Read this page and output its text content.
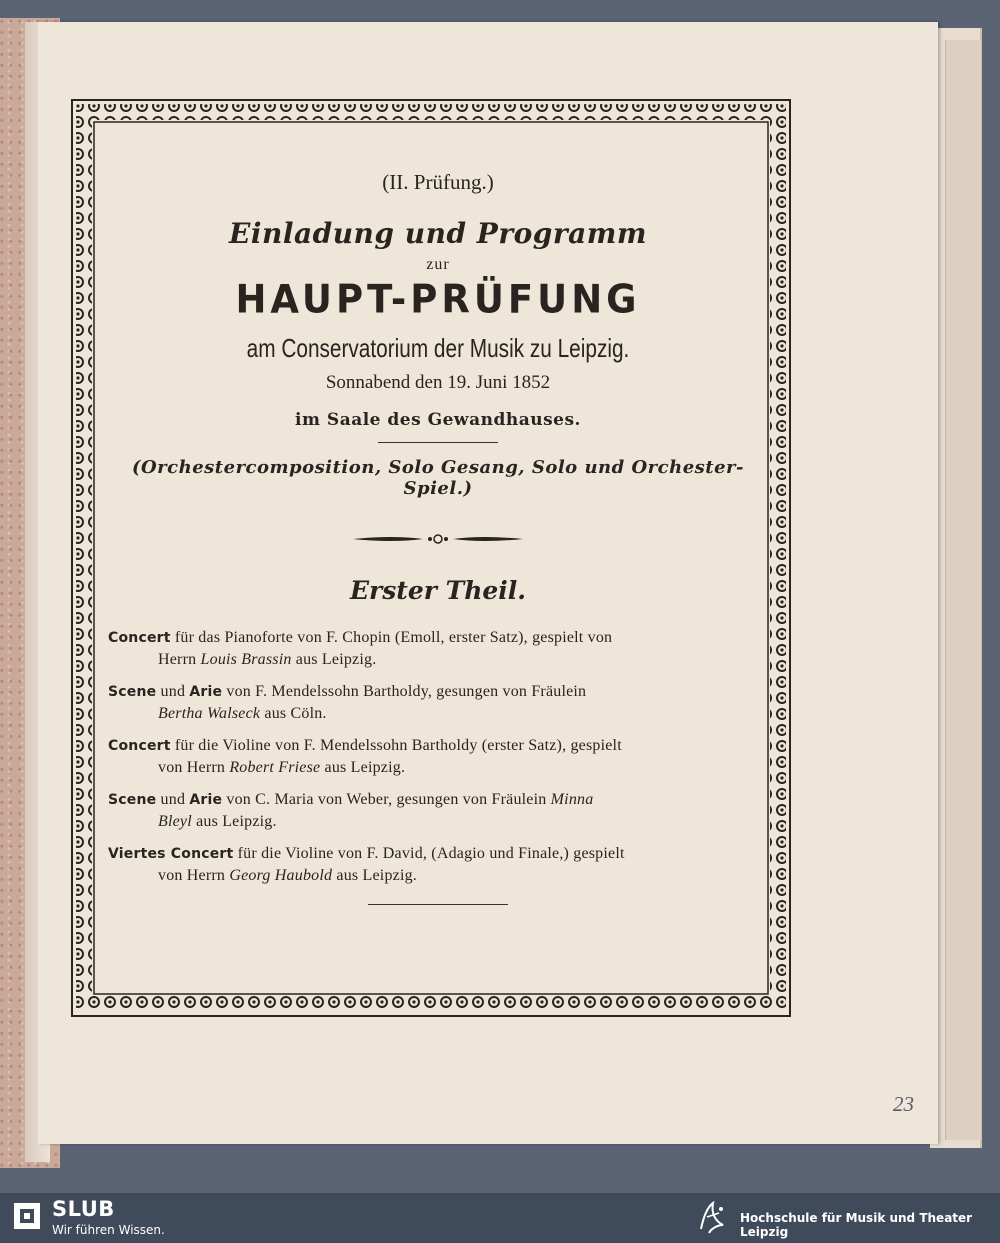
(II. Prüfung.)
Einladung und Programm
zur
HAUPT-PRÜFUNG
am Conservatorium der Musik zu Leipzig.
Sonnabend den 19. Juni 1852
im Saale des Gewandhauses.
(Orchestercomposition, Solo Gesang, Solo und Orchester-Spiel.)
Erster Theil.
Concert für das Pianoforte von F. Chopin (Emoll, erster Satz), gespielt von
Herrn Louis Brassin aus Leipzig.
Scene und Arie von F. Mendelssohn Bartholdy, gesungen von Fräulein
Bertha Walseck aus Cöln.
Concert für die Violine von F. Mendelssohn Bartholdy (erster Satz), gespielt
von Herrn Robert Friese aus Leipzig.
Scene und Arie von C. Maria von Weber, gesungen von Fräulein Minna
Bleyl aus Leipzig.
Viertes Concert für die Violine von F. David, (Adagio und Finale,) gespielt
von Herrn Georg Haubold aus Leipzig.
23
SLUB
Wir führen Wissen.
Hochschule für Musik und Theater Leipzig
